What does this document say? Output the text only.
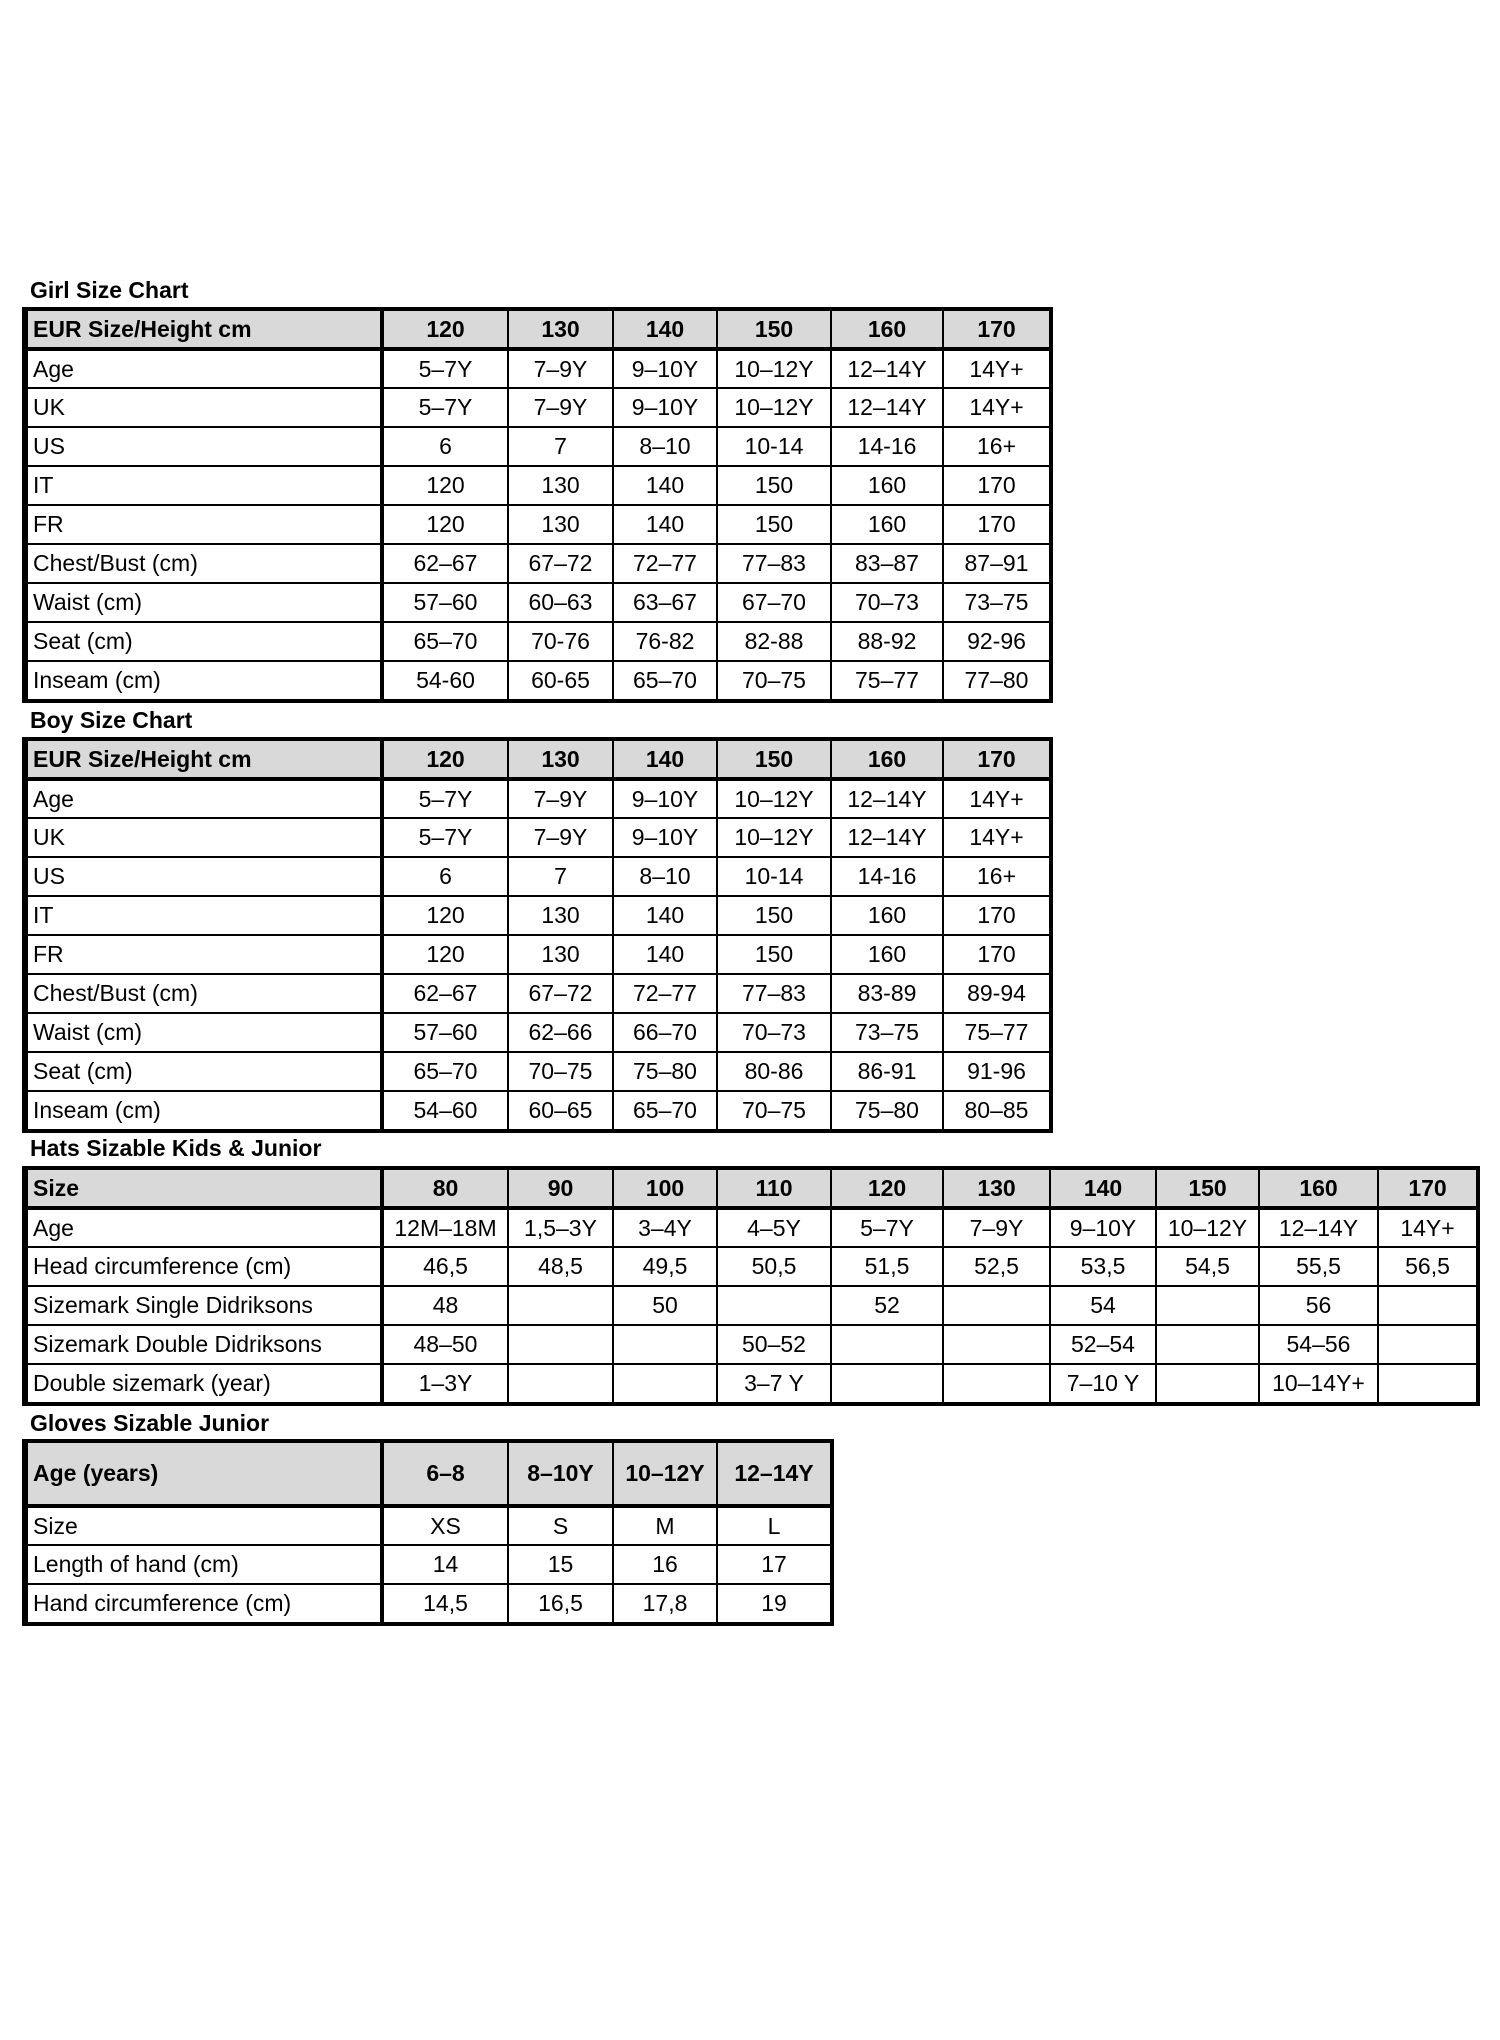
Girl Size Chart
EUR Size/Height cm	120	130	140	150	160	170
Age	5–7Y	7–9Y	9–10Y	10–12Y	12–14Y	14Y+
UK	5–7Y	7–9Y	9–10Y	10–12Y	12–14Y	14Y+
US	6	7	8–10	10-14	14-16	16+
IT	120	130	140	150	160	170
FR	120	130	140	150	160	170
Chest/Bust (cm)	62–67	67–72	72–77	77–83	83–87	87–91
Waist (cm)	57–60	60–63	63–67	67–70	70–73	73–75
Seat (cm)	65–70	70-76	76-82	82-88	88-92	92-96
Inseam (cm)	54-60	60-65	65–70	70–75	75–77	77–80
Boy Size Chart
EUR Size/Height cm	120	130	140	150	160	170
Age	5–7Y	7–9Y	9–10Y	10–12Y	12–14Y	14Y+
UK	5–7Y	7–9Y	9–10Y	10–12Y	12–14Y	14Y+
US	6	7	8–10	10-14	14-16	16+
IT	120	130	140	150	160	170
FR	120	130	140	150	160	170
Chest/Bust (cm)	62–67	67–72	72–77	77–83	83-89	89-94
Waist (cm)	57–60	62–66	66–70	70–73	73–75	75–77
Seat (cm)	65–70	70–75	75–80	80-86	86-91	91-96
Inseam (cm)	54–60	60–65	65–70	70–75	75–80	80–85
Hats Sizable Kids & Junior
Size	80	90	100	110	120	130	140	150	160	170
Age	12M–18M	1,5–3Y	3–4Y	4–5Y	5–7Y	7–9Y	9–10Y	10–12Y	12–14Y	14Y+
Head circumference (cm)	46,5	48,5	49,5	50,5	51,5	52,5	53,5	54,5	55,5	56,5
Sizemark Single Didriksons	48		50		52		54		56	
Sizemark Double Didriksons	48–50			50–52			52–54		54–56	
Double sizemark (year)	1–3Y			3–7 Y			7–10 Y		10–14Y+	
Gloves Sizable Junior
Age (years)	6–8	8–10Y	10–12Y	12–14Y
Size	XS	S	M	L
Length of hand (cm)	14	15	16	17
Hand circumference (cm)	14,5	16,5	17,8	19
